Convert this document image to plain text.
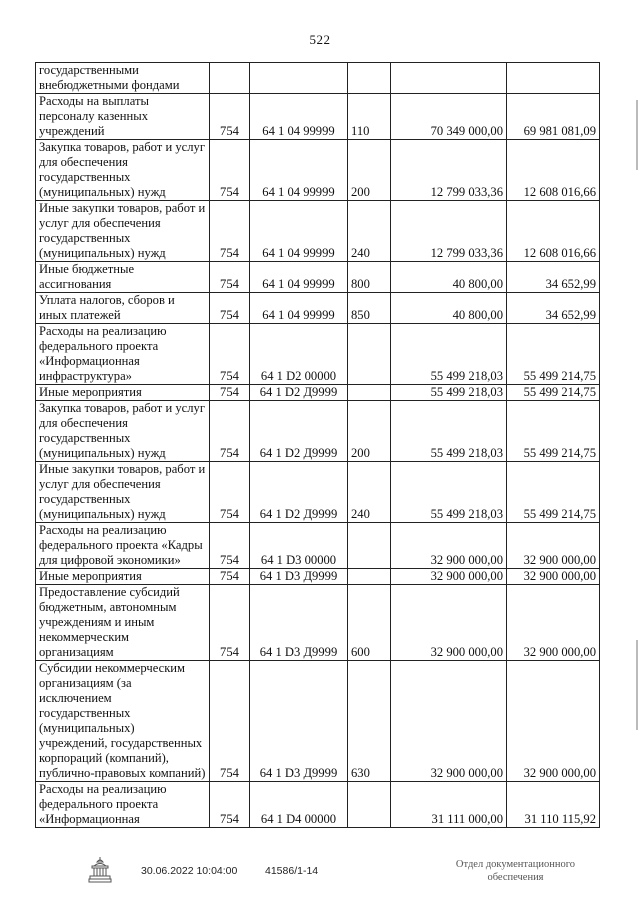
522
государственными внебюджетными фондами					
Расходы на выплаты персоналу казенных учреждений	754	64 1 04 99999	110	70 349 000,00	69 981 081,09
Закупка товаров, работ и услуг для обеспечения государственных (муниципальных) нужд	754	64 1 04 99999	200	12 799 033,36	12 608 016,66
Иные закупки товаров, работ и услуг для обеспечения государственных (муниципальных) нужд	754	64 1 04 99999	240	12 799 033,36	12 608 016,66
Иные бюджетные ассигнования	754	64 1 04 99999	800	40 800,00	34 652,99
Уплата налогов, сборов и иных платежей	754	64 1 04 99999	850	40 800,00	34 652,99
Расходы на реализацию федерального проекта «Информационная инфраструктура»	754	64 1 D2 00000		55 499 218,03	55 499 214,75
Иные мероприятия	754	64 1 D2 Д9999		55 499 218,03	55 499 214,75
Закупка товаров, работ и услуг для обеспечения государственных (муниципальных) нужд	754	64 1 D2 Д9999	200	55 499 218,03	55 499 214,75
Иные закупки товаров, работ и услуг для обеспечения государственных (муниципальных) нужд	754	64 1 D2 Д9999	240	55 499 218,03	55 499 214,75
Расходы на реализацию федерального проекта «Кадры для цифровой экономики»	754	64 1 D3 00000		32 900 000,00	32 900 000,00
Иные мероприятия	754	64 1 D3 Д9999		32 900 000,00	32 900 000,00
Предоставление субсидий бюджетным, автономным учреждениям и иным некоммерческим организациям	754	64 1 D3 Д9999	600	32 900 000,00	32 900 000,00
Субсидии некоммерческим организациям (за исключением государственных (муниципальных) учреждений, государственных корпораций (компаний), публично-правовых компаний)	754	64 1 D3 Д9999	630	32 900 000,00	32 900 000,00
Расходы на реализацию федерального проекта «Информационная	754	64 1 D4 00000		31 111 000,00	31 110 115,92
30.06.2022 10:04:00	41586/1-14
Отдел документационного
обеспечения
